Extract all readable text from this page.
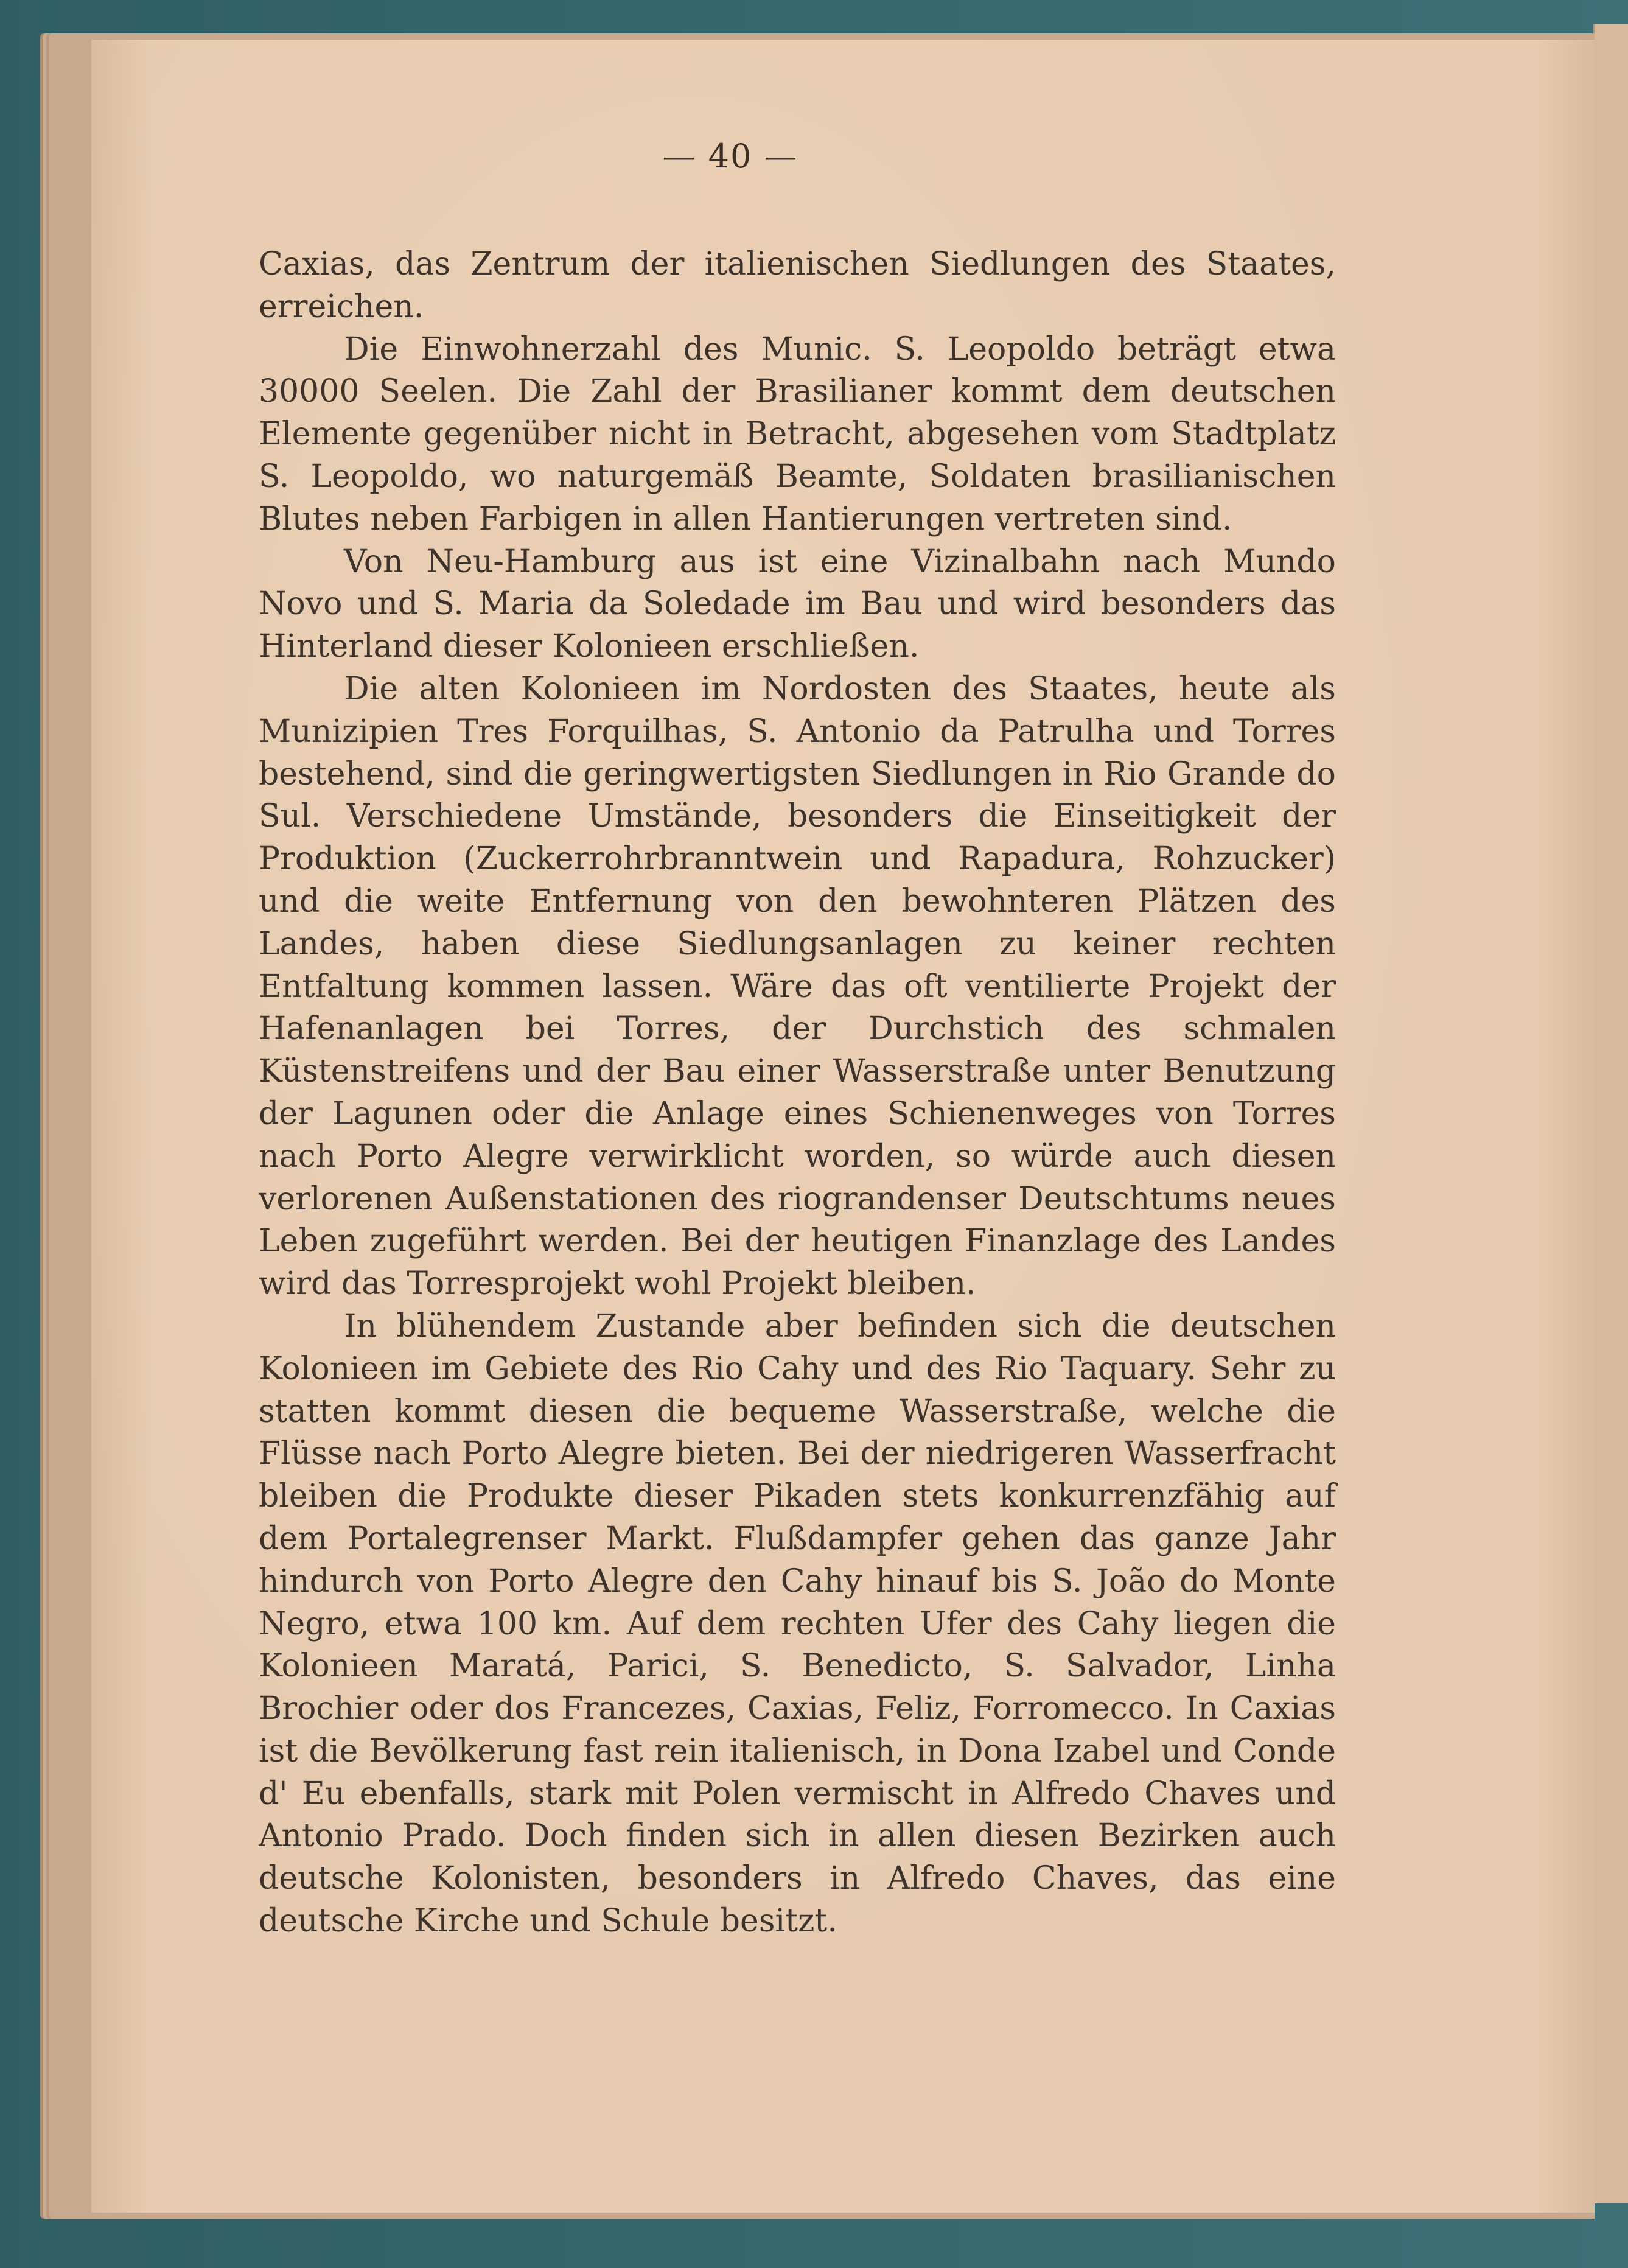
— 40 —

Caxias, das Zentrum der italienischen Siedlungen des Staates, erreichen.

Die Einwohnerzahl des Munic. S. Leopoldo beträgt etwa 30000 Seelen. Die Zahl der Brasilianer kommt dem deutschen Elemente gegenüber nicht in Betracht, abgesehen vom Stadtplatz S. Leopoldo, wo naturgemäß Beamte, Soldaten brasilianischen Blutes neben Farbigen in allen Hantierungen vertreten sind.

Von Neu-Hamburg aus ist eine Vizinalbahn nach Mundo Novo und S. Maria da Soledade im Bau und wird besonders das Hinterland dieser Kolonieen erschließen.

Die alten Kolonieen im Nordosten des Staates, heute als Munizipien Tres Forquilhas, S. Antonio da Patrulha und Torres bestehend, sind die geringwertigsten Siedlungen in Rio Grande do Sul. Verschiedene Umstände, besonders die Einseitigkeit der Produktion (Zuckerrohrbranntwein und Rapadura, Rohzucker) und die weite Entfernung von den bewohnteren Plätzen des Landes, haben diese Siedlungsanlagen zu keiner rechten Entfaltung kommen lassen. Wäre das oft ventilierte Projekt der Hafenanlagen bei Torres, der Durchstich des schmalen Küstenstreifens und der Bau einer Wasserstraße unter Benutzung der Lagunen oder die Anlage eines Schienenweges von Torres nach Porto Alegre verwirklicht worden, so würde auch diesen verlorenen Außenstationen des riograndenser Deutschtums neues Leben zugeführt werden. Bei der heutigen Finanzlage des Landes wird das Torresprojekt wohl Projekt bleiben.

In blühendem Zustande aber befinden sich die deutschen Kolonieen im Gebiete des Rio Cahy und des Rio Taquary. Sehr zu statten kommt diesen die bequeme Wasserstraße, welche die Flüsse nach Porto Alegre bieten. Bei der niedrigeren Wasserfracht bleiben die Produkte dieser Pikaden stets konkurrenzfähig auf dem Portalegrenser Markt. Flußdampfer gehen das ganze Jahr hindurch von Porto Alegre den Cahy hinauf bis S. João do Monte Negro, etwa 100 km. Auf dem rechten Ufer des Cahy liegen die Kolonieen Maratá, Parici, S. Benedicto, S. Salvador, Linha Brochier oder dos Francezes, Caxias, Feliz, Forromecco. In Caxias ist die Bevölkerung fast rein italienisch, in Dona Izabel und Conde d' Eu ebenfalls, stark mit Polen vermischt in Alfredo Chaves und Antonio Prado. Doch finden sich in allen diesen Bezirken auch deutsche Kolonisten, besonders in Alfredo Chaves, das eine deutsche Kirche und Schule besitzt.
